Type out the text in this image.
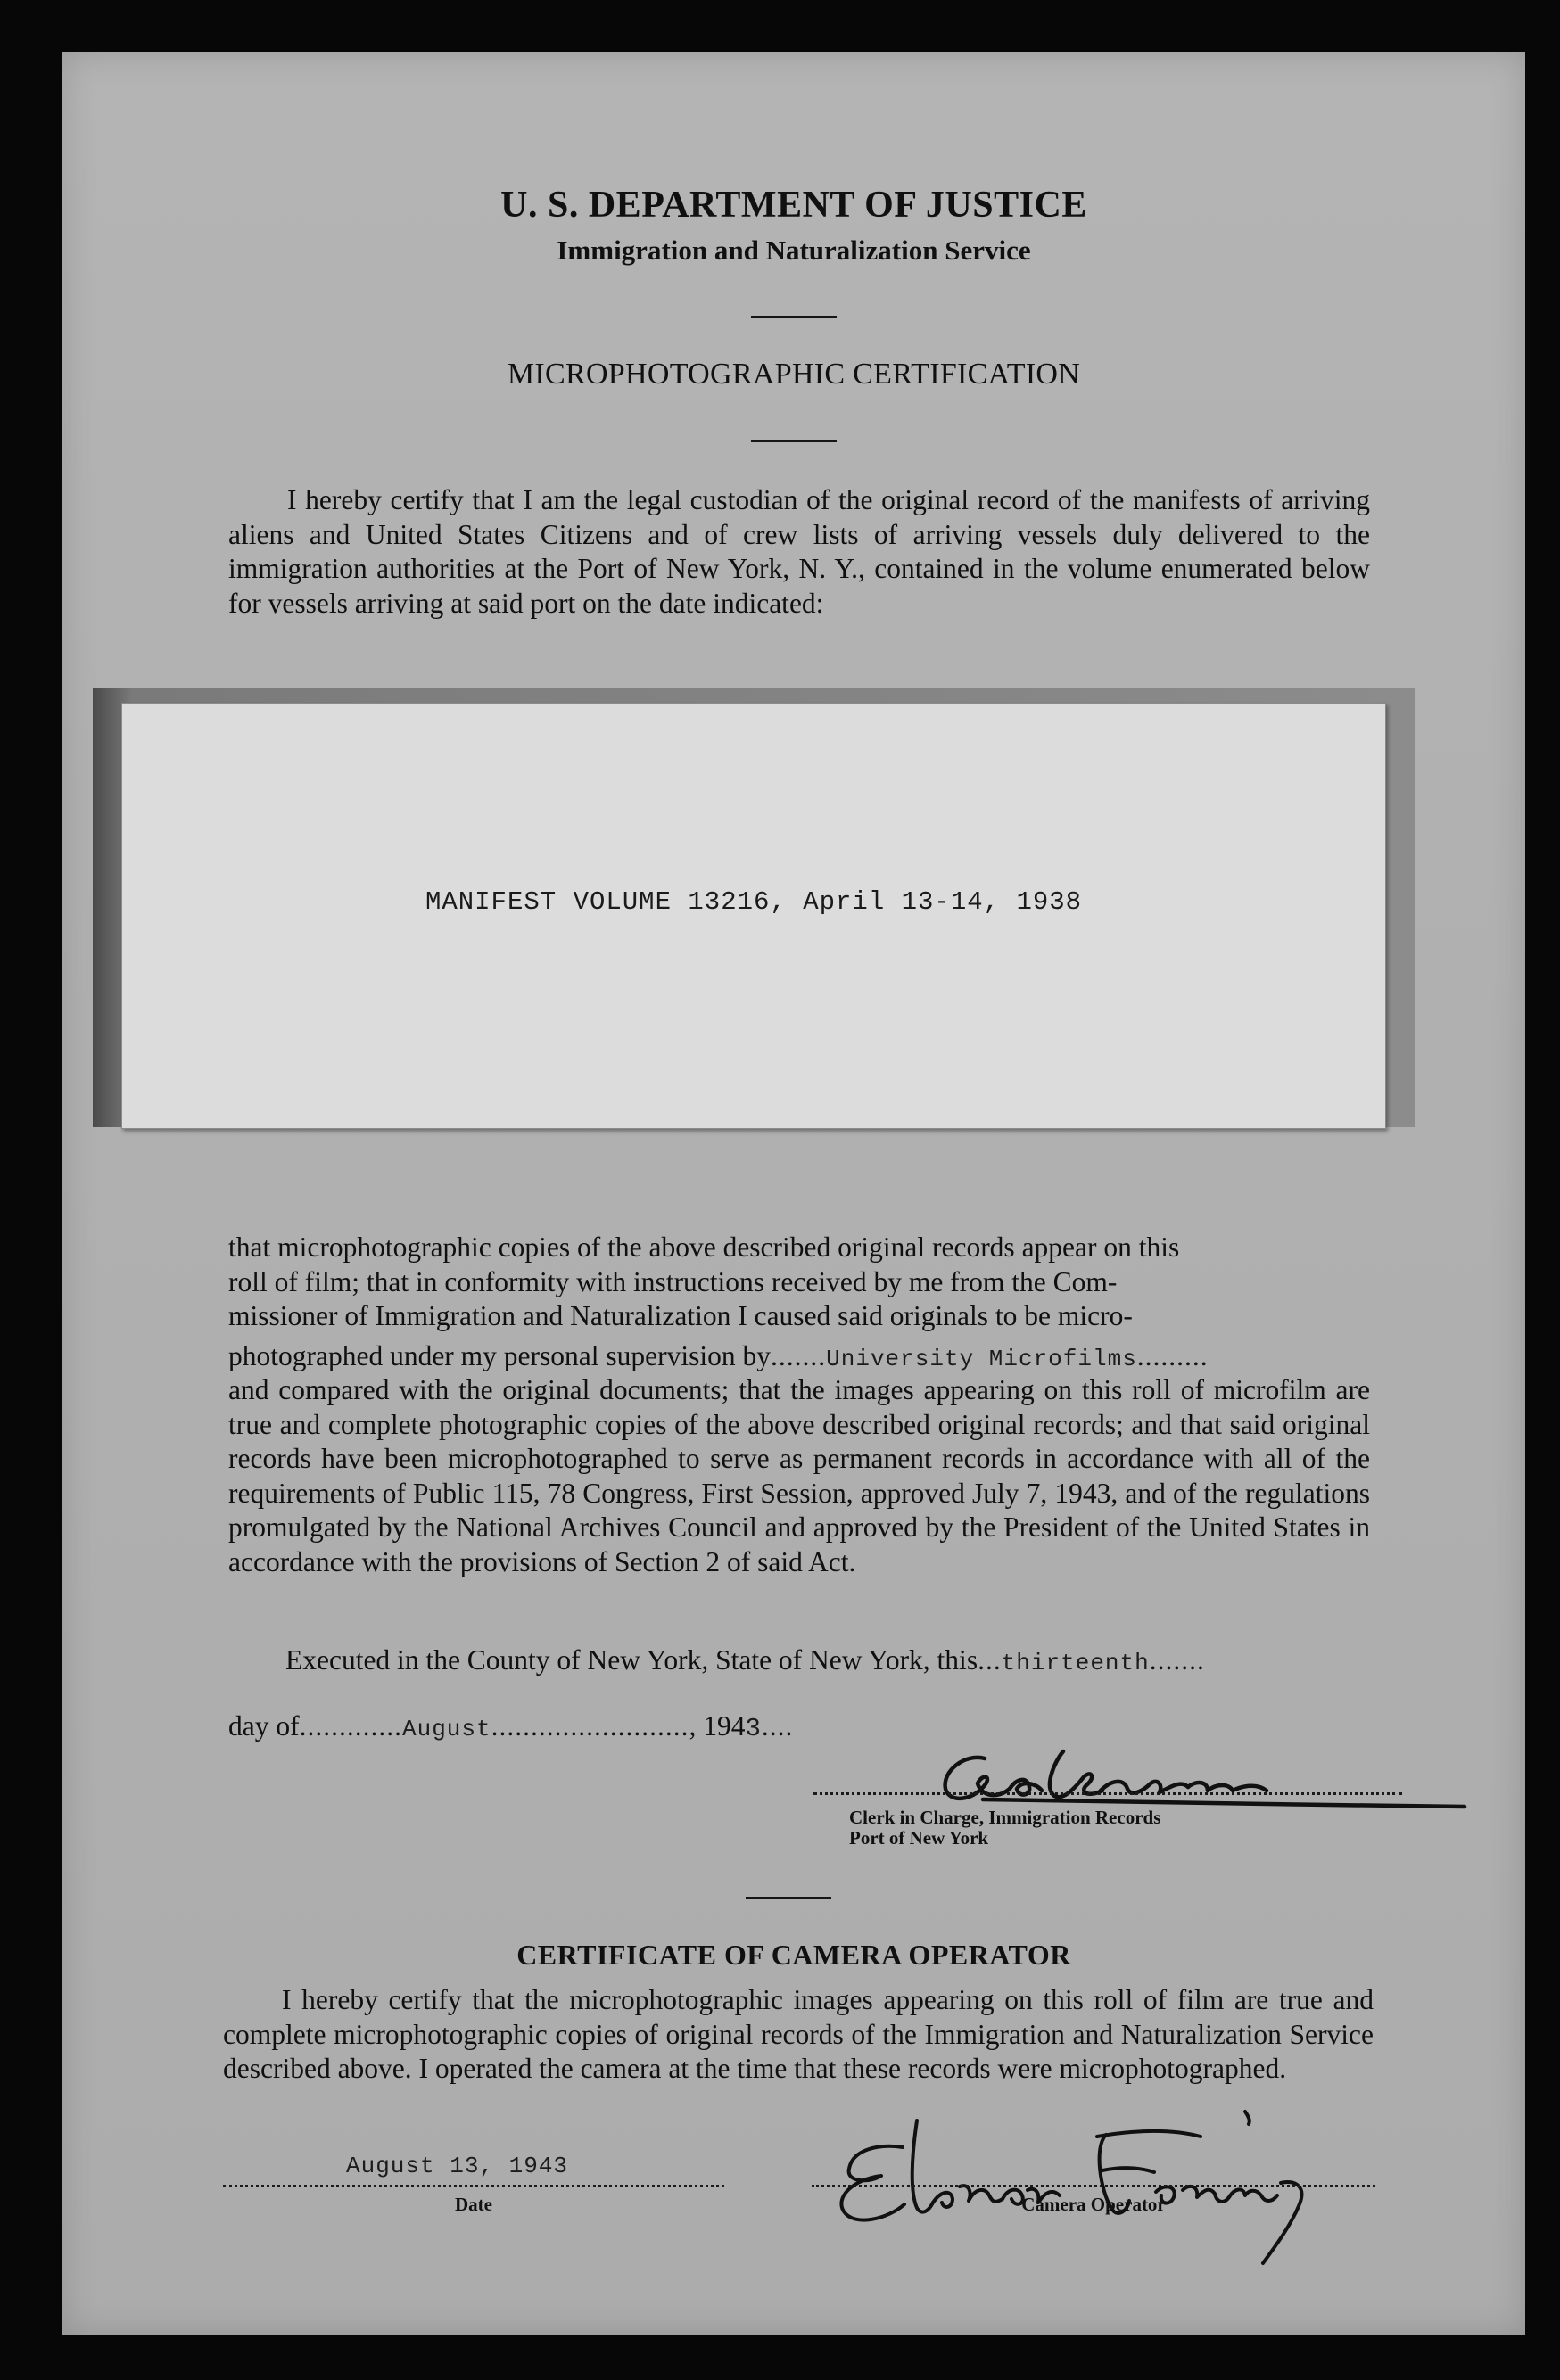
U. S. DEPARTMENT OF JUSTICE

Immigration and Naturalization Service

MICROPHOTOGRAPHIC CERTIFICATION

I hereby certify that I am the legal custodian of the original record of the manifests of arriving aliens and United States Citizens and of crew lists of arriving vessels duly delivered to the immigration authorities at the Port of New York, N. Y., contained in the volume enumerated below for vessels arriving at said port on the date indicated:

MANIFEST VOLUME 13216, April 13-14, 1938

that microphotographic copies of the above described original records appear on this
roll of film; that in conformity with instructions received by me from the Com-
missioner of Immigration and Naturalization I caused said originals to be micro-
photographed under my personal supervision by.......University Microfilms.........
and compared with the original documents; that the images appearing on this roll of microfilm are true and complete photographic copies of the above described original records; and that said original records have been microphotographed to serve as permanent records in accordance with all of the requirements of Public 115, 78 Congress, First Session, approved July 7, 1943, and of the regulations promulgated by the National Archives Council and approved by the President of the United States in accordance with the provisions of Section 2 of said Act.

Executed in the County of New York, State of New York, this...thirteenth.......

day of.............August........................., 1943....

Clerk in Charge, Immigration Records
Port of New York

CERTIFICATE OF CAMERA OPERATOR

I hereby certify that the microphotographic images appearing on this roll of film are true and complete microphotographic copies of original records of the Immigration and Naturalization Service described above. I operated the camera at the time that these records were microphotographed.

August 13, 1943

Date	Camera Operator
